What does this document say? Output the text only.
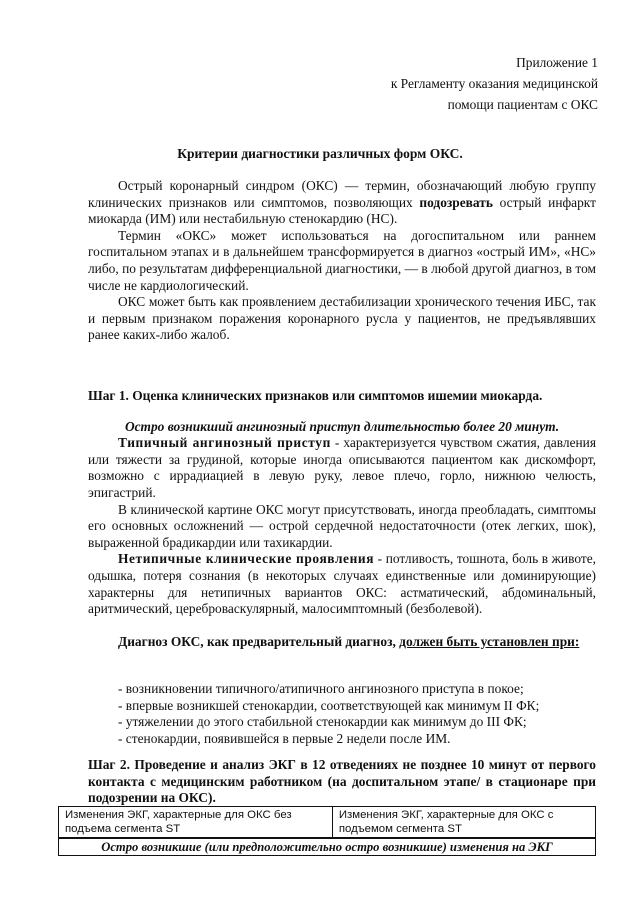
Приложение 1
к Регламенту оказания медицинской
помощи пациентам с ОКС
Критерии диагностики различных форм ОКС.

Острый коронарный синдром (ОКС) — термин, обозначающий любую группу клинических признаков или симптомов, позволяющих подозревать острый инфаркт миокарда (ИМ) или нестабильную стенокардию (НС).

Термин «ОКС» может использоваться на догоспитальном или раннем госпитальном этапах и в дальнейшем трансформируется в диагноз «острый ИМ», «НС» либо, по результатам дифференциальной диагностики, — в любой другой диагноз, в том числе не кардиологический.

ОКС может быть как проявлением дестабилизации хронического течения ИБС, так и первым признаком поражения коронарного русла у пациентов, не предъявлявших ранее каких-либо жалоб.

Шаг 1. Оценка клинических признаков или симптомов ишемии миокарда.

Остро возникший ангинозный приступ длительностью более 20 минут.

Типичный ангинозный приступ - характеризуется чувством сжатия, давления или тяжести за грудиной, которые иногда описываются пациентом как дискомфорт, возможно с иррадиацией в левую руку, левое плечо, горло, нижнюю челюсть, эпигастрий.

В клинической картине ОКС могут присутствовать, иногда преобладать, симптомы его основных осложнений — острой сердечной недостаточности (отек легких, шок), выраженной брадикардии или тахикардии.

Нетипичные клинические проявления - потливость, тошнота, боль в животе, одышка, потеря сознания (в некоторых случаях единственные или доминирующие) характерны для нетипичных вариантов ОКС: астматический, абдоминальный, аритмический, цереброваскулярный, малосимптомный (безболевой).

Диагноз ОКС, как предварительный диагноз, должен быть установлен при:

- возникновении типичного/атипичного ангинозного приступа в покое;
- впервые возникшей стенокардии, соответствующей как минимум II ФК;
- утяжелении до этого стабильной стенокардии как минимум до III ФК;
- стенокардии, появившейся в первые 2 недели после ИМ.
Шаг 2. Проведение и анализ ЭКГ в 12 отведениях не позднее 10 минут от первого контакта с медицинским работником (на доспитальном этапе/ в стационаре при подозрении на ОКС).
Изменения ЭКГ, характерные для ОКС без подъема сегмента ST	Изменения ЭКГ, характерные для ОКС с подъемом сегмента ST
Остро возникшие (или предположительно остро возникшие) изменения на ЭКГ
